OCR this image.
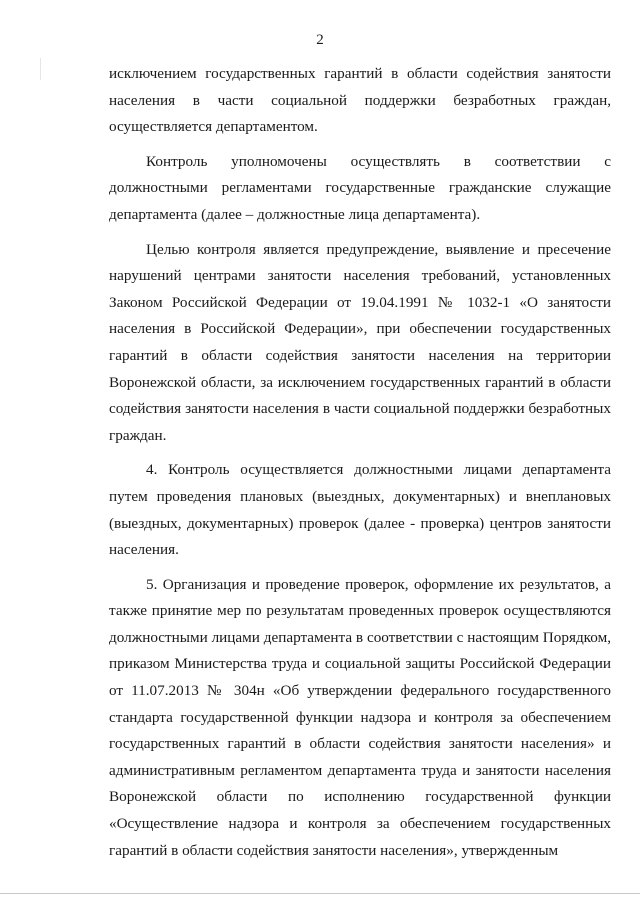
2

исключением государственных гарантий в области содействия занятости населения в части социальной поддержки безработных граждан, осуществляется департаментом.

Контроль уполномочены осуществлять в соответствии с должностными регламентами государственные гражданские служащие департамента (далее – должностные лица департамента).

Целью контроля является предупреждение, выявление и пресечение нарушений центрами занятости населения требований, установленных Законом Российской Федерации от 19.04.1991 № 1032-1 «О занятости населения в Российской Федерации», при обеспечении государственных гарантий в области содействия занятости населения на территории Воронежской области, за исключением государственных гарантий в области содействия занятости населения в части социальной поддержки безработных граждан.

4. Контроль осуществляется должностными лицами департамента путем проведения плановых (выездных, документарных) и внеплановых (выездных, документарных) проверок (далее - проверка) центров занятости населения.

5. Организация и проведение проверок, оформление их результатов, а также принятие мер по результатам проведенных проверок осуществляются должностными лицами департамента в соответствии с настоящим Порядком, приказом Министерства труда и социальной защиты Российской Федерации от 11.07.2013 № 304н «Об утверждении федерального государственного стандарта государственной функции надзора и контроля за обеспечением государственных гарантий в области содействия занятости населения» и административным регламентом департамента труда и занятости населения Воронежской области по исполнению государственной функции «Осуществление надзора и контроля за обеспечением государственных гарантий в области содействия занятости населения», утвержденным
